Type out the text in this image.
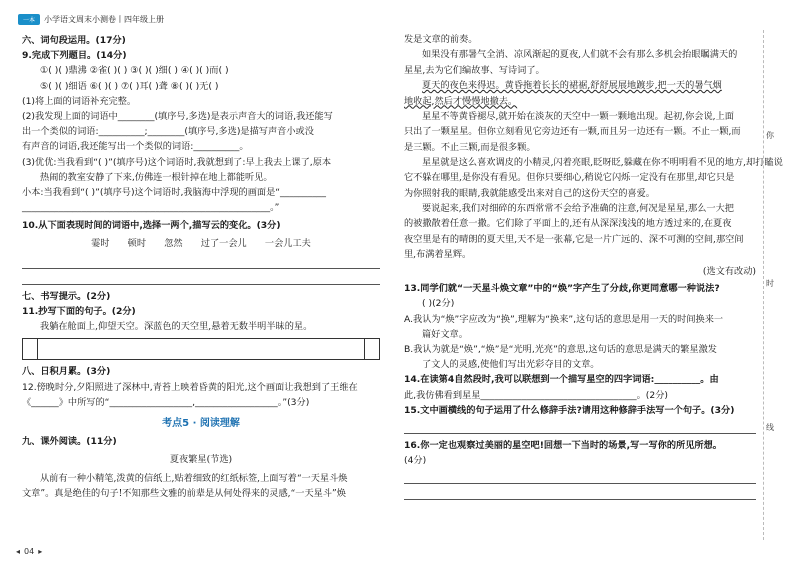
一本	小学语文周末小测卷丨四年级上册
六、词句段运用。(17分)
9.完成下列题目。(14分)
①( )( )鼎沸 ②雀( )( ) ③( )( )细( ) ④( )( )而( )
⑤( )( )细语 ⑥( )( ) ⑦( )耳( )聋 ⑧( )( )无( )
(1)将上面的词语补充完整。
(2)我发现上面的词语中________(填序号,多选)是表示声音大的词语,我还能写
出一个类似的词语:__________;________(填序号,多选)是描写声音小或没
有声音的词语,我还能写出一个类似的词语:__________。
(3)优优:当我看到“( )”(填序号)这个词语时,我就想到了:早上我去上课了,原本
热闹的教室安静了下来,仿佛连一根针掉在地上都能听见。
小本:当我看到“( )”(填序号)这个词语时,我脑海中浮现的画面是“__________
______________________________________________________。”
10.从下面表现时间的词语中,选择一两个,描写云的变化。(3分)
霎时 顿时 忽然 过了一会儿 一会儿工夫
七、书写提示。(2分)
11.抄写下面的句子。(2分)
我躺在舱面上,仰望天空。深蓝色的天空里,悬着无数半明半昧的星。
八、日积月累。(3分)
12.傍晚时分,夕阳照进了深林中,青苔上映着昏黄的阳光,这个画面让我想到了王维在
《______》中所写的“__________________,__________________。”(3分)
考点5 · 阅读理解
九、课外阅读。(11分)
夏夜繁星(节选)
从前有一种小精笔,泼黄的信纸上,贴着细致的红纸标签,上面写着“一天星斗焕
文章”。真是绝佳的句子!不知那些文雅的前辈是从何处得来的灵感,“一天星斗”焕
发是文章的前奏。
如果没有那暑气全消、凉风渐起的夏夜,人们就不会有那么多机会抬眼瞩满天的
星星,去为它们编故事、写诗词了。
夏天的夜色来得迟。黄昏拖着长长的裙裾,舒舒展展地踱步,把一天的暑气烟
地收起,然后才慢慢地撤去。
星星不等黄昏褪尽,就开始在淡灰的天空中一颗一颗地出现。起初,你会说,上面
只出了一颗星星。但你立刻看见它旁边还有一颗,而且另一边还有一颗。不止一颗,而
是三颗。不止三颗,而是很多颗。
星星就是这么喜欢调皮的小精灵,闪着亮眼,眨呀眨,躲藏在你不明明看不见的地方,却打瞌说
它不躲在哪里,是你没有看见。但你只要细心,稍说它闪烁一定没有在那里,却它只是
为你照射我的眼睛,我就能感受出来对自己的这份天空的喜爱。
要说起来,我们对细碎的东西常常不会给予准确的注意,何况是星星,那么一大把
的被撒散着任意一撒。它们除了平面上的,还有从深深浅浅的地方透过来的,在夏夜
夜空里是有的晴朗的夏天里,天不是一张幕,它是一片广远的、深不可测的空间,那空间
里,布满着星辉。
(选文有改动)
13.同学们就“一天星斗焕文章”中的“焕”字产生了分歧,你更同意哪一种说法?
( )(2分)
A.我认为“焕”字应改为“换”,理解为“换来”,这句话的意思是用一天的时间换来一
篇好文章。
B.我认为就是“焕”,“焕”是“光明,光亮”的意思,这句话的意思是满天的繁星激发
了文人的灵感,使他们写出光彩夺目的文章。
14.在读第4自然段时,我可以联想到一个描写星空的四字词语:__________。由
此,我仿佛看到星星__________________________________。(2分)
15.文中画横线的句子运用了什么修辞手法?请用这种修辞手法写一个句子。(3分)
16.你一定也观察过美丽的星空吧!回想一下当时的场景,写一写你的所见所想。
(4分)
你
时
线
◂ 04 ▸
